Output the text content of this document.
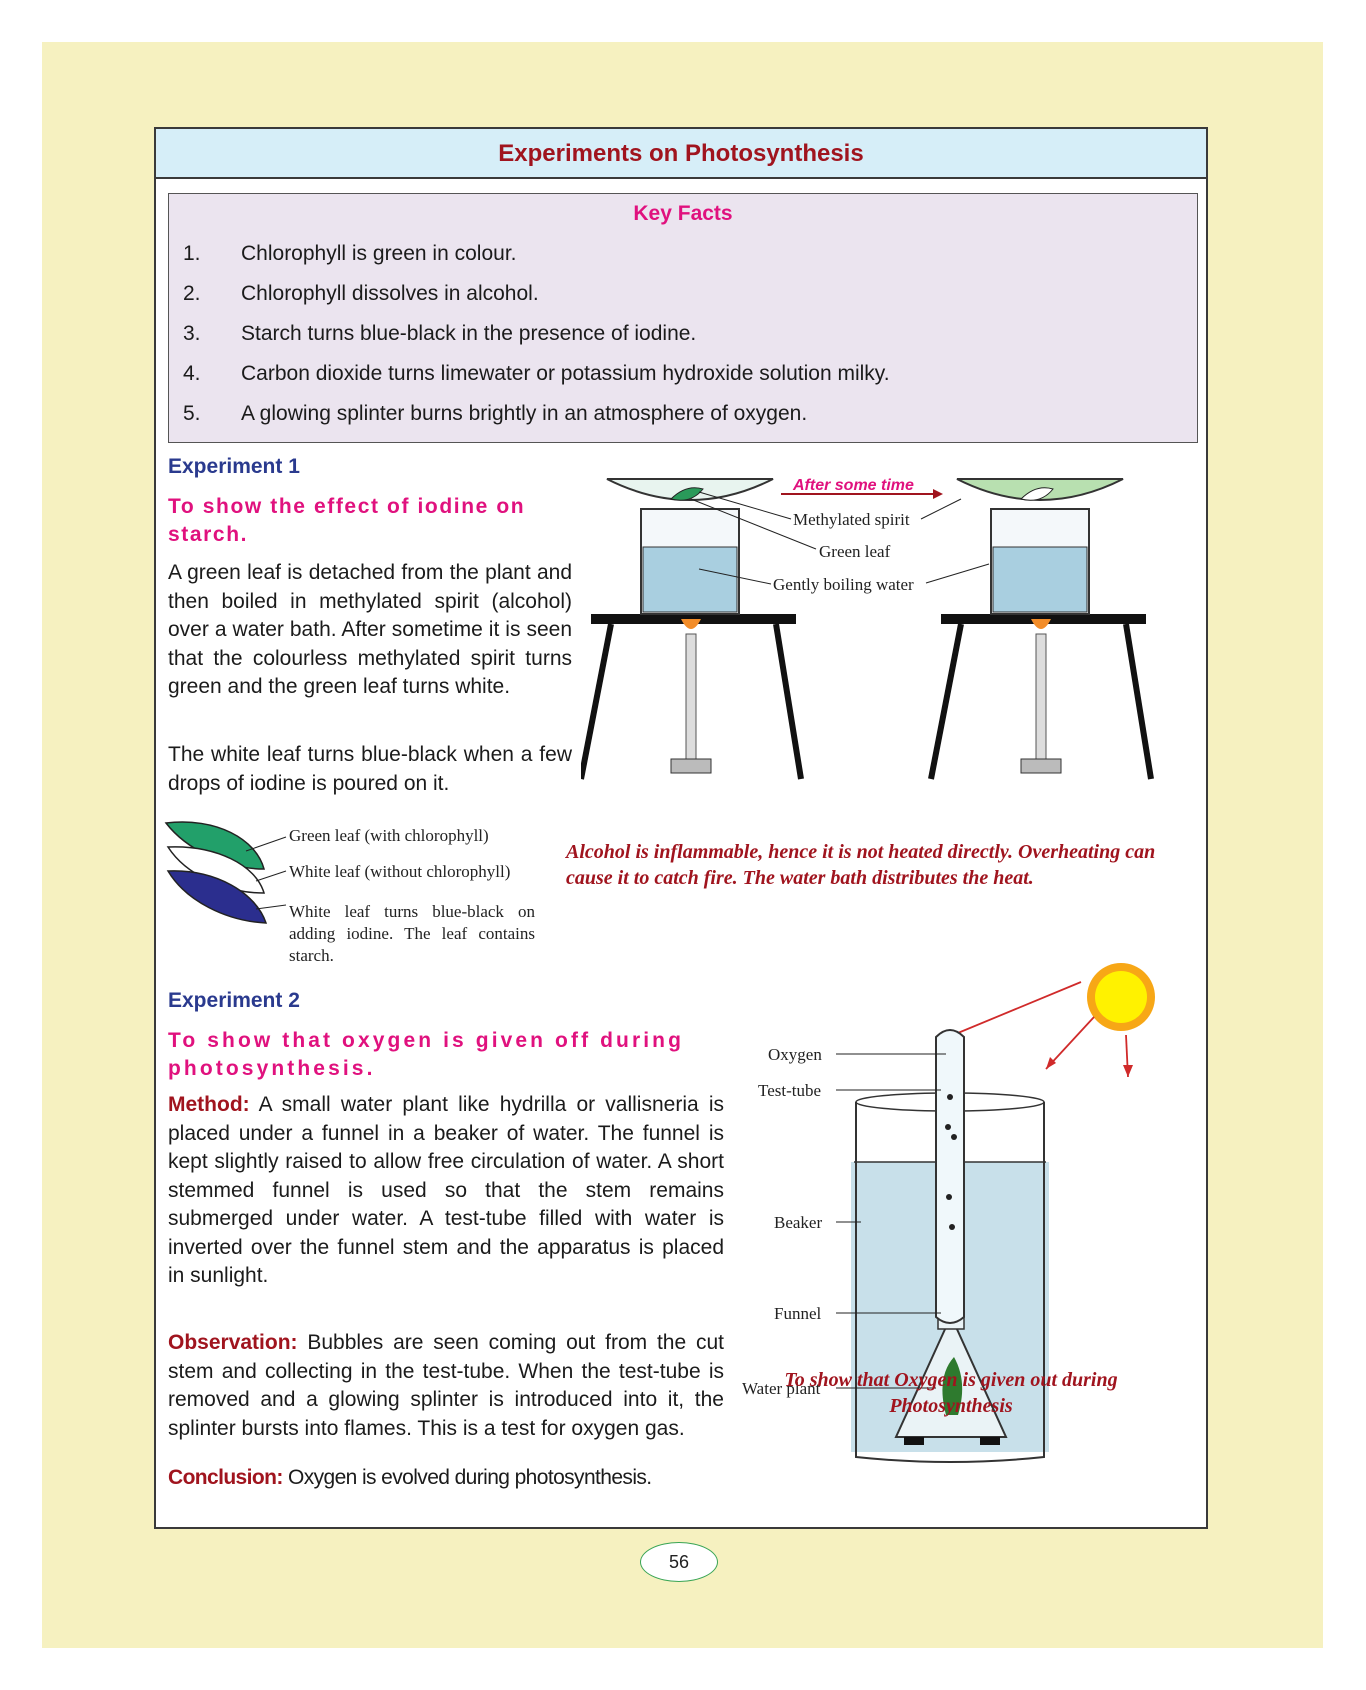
Experiments on Photosynthesis
Key Facts
1. Chlorophyll is green in colour.
2. Chlorophyll dissolves in alcohol.
3. Starch turns blue-black in the presence of iodine.
4. Carbon dioxide turns limewater or potassium hydroxide solution milky.
5. A glowing splinter burns brightly in an atmosphere of oxygen.
Experiment 1
To show the effect of iodine on starch.
A green leaf is detached from the plant and then boiled in methylated spirit (alcohol) over a water bath. After sometime it is seen that the colourless methylated spirit turns green and the green leaf turns white.
The white leaf turns blue-black when a few drops of iodine is poured on it.
Green leaf (with chlorophyll)
White leaf (without chlorophyll)
White leaf turns blue-black on adding iodine. The leaf contains starch.
After some time
Methylated spirit
Green leaf
Gently boiling water
Alcohol is inflammable, hence it is not heated directly. Overheating can cause it to catch fire. The water bath distributes the heat.
Experiment 2
To show that oxygen is given off during photosynthesis.
Method: A small water plant like hydrilla or vallisneria is placed under a funnel in a beaker of water. The funnel is kept slightly raised to allow free circulation of water. A short stemmed funnel is used so that the stem remains submerged under water. A test-tube filled with water is inverted over the funnel stem and the apparatus is placed in sunlight.
Observation: Bubbles are seen coming out from the cut stem and collecting in the test-tube. When the test-tube is removed and a glowing splinter is introduced into it, the splinter bursts into flames. This is a test for oxygen gas.
Conclusion: Oxygen is evolved during photosynthesis.
Oxygen
Test-tube
Beaker
Funnel
Water plant
To show that Oxygen is given out during
Photosynthesis
56
